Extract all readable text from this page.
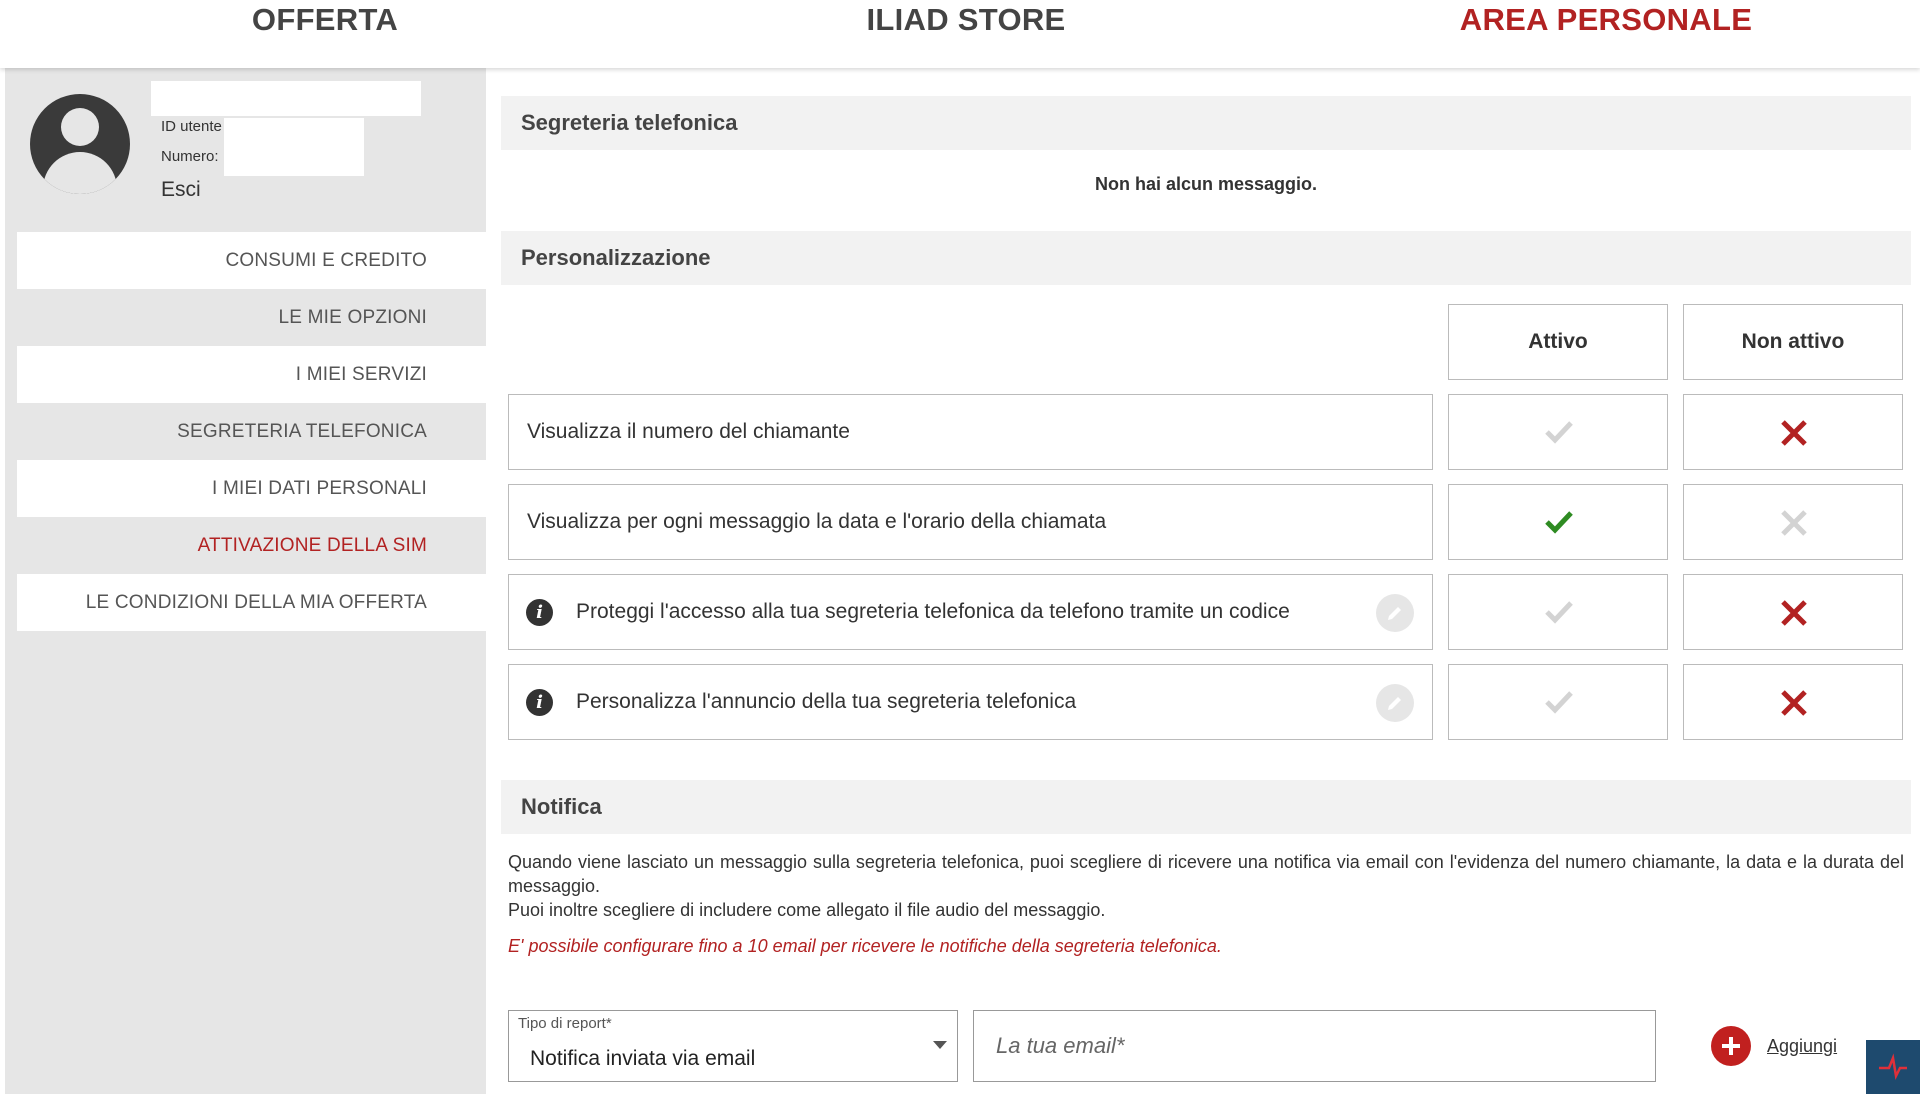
OFFERTA	ILIAD STORE	AREA PERSONALE
ID utente
Numero:
Esci
CONSUMI E CREDITO
LE MIE OPZIONI
I MIEI SERVIZI
SEGRETERIA TELEFONICA
I MIEI DATI PERSONALI
ATTIVAZIONE DELLA SIM
LE CONDIZIONI DELLA MIA OFFERTA
Segreteria telefonica
Non hai alcun messaggio.
Personalizzazione
Attivo	Non attivo
Visualizza il numero del chiamante
Visualizza per ogni messaggio la data e l'orario della chiamata
i	Proteggi l'accesso alla tua segreteria telefonica da telefono tramite un codice
i	Personalizza l'annuncio della tua segreteria telefonica
Notifica
Quando viene lasciato un messaggio sulla segreteria telefonica, puoi scegliere di ricevere una notifica via email con l'evidenza del numero chiamante, la data e la durata del messaggio.
Puoi inoltre scegliere di includere come allegato il file audio del messaggio.
E' possibile configurare fino a 10 email per ricevere le notifiche della segreteria telefonica.
Tipo di report*
Notifica inviata via email
La tua email*
Aggiungi
